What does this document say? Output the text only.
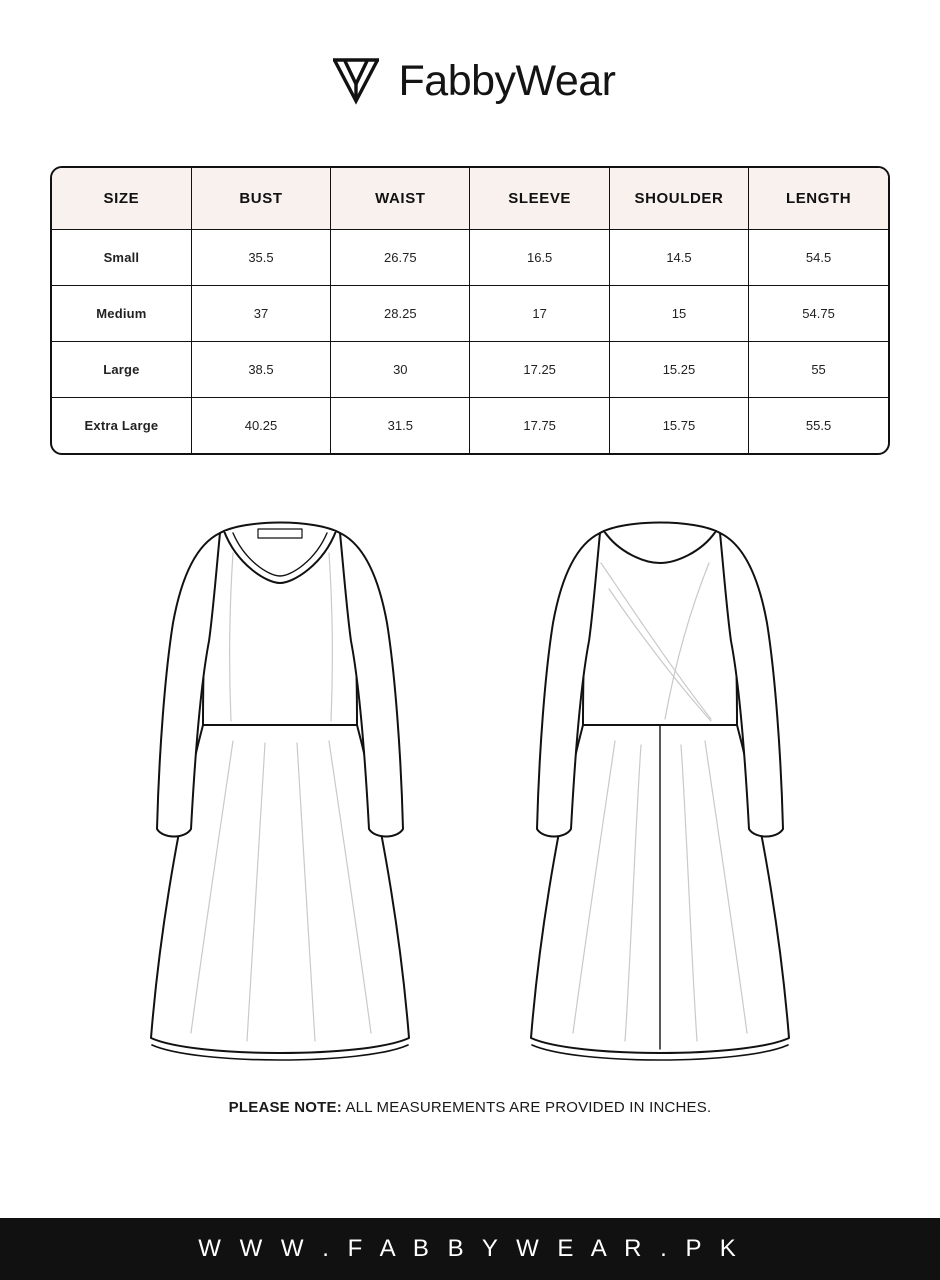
FabbyWear
SIZE	BUST	WAIST	SLEEVE	SHOULDER	LENGTH
Small	35.5	26.75	16.5	14.5	54.5
Medium	37	28.25	17	15	54.75
Large	38.5	30	17.25	15.25	55
Extra Large	40.25	31.5	17.75	15.75	55.5
PLEASE NOTE: ALL MEASUREMENTS ARE PROVIDED IN INCHES.
W W W . F A B B Y W E A R . P K
